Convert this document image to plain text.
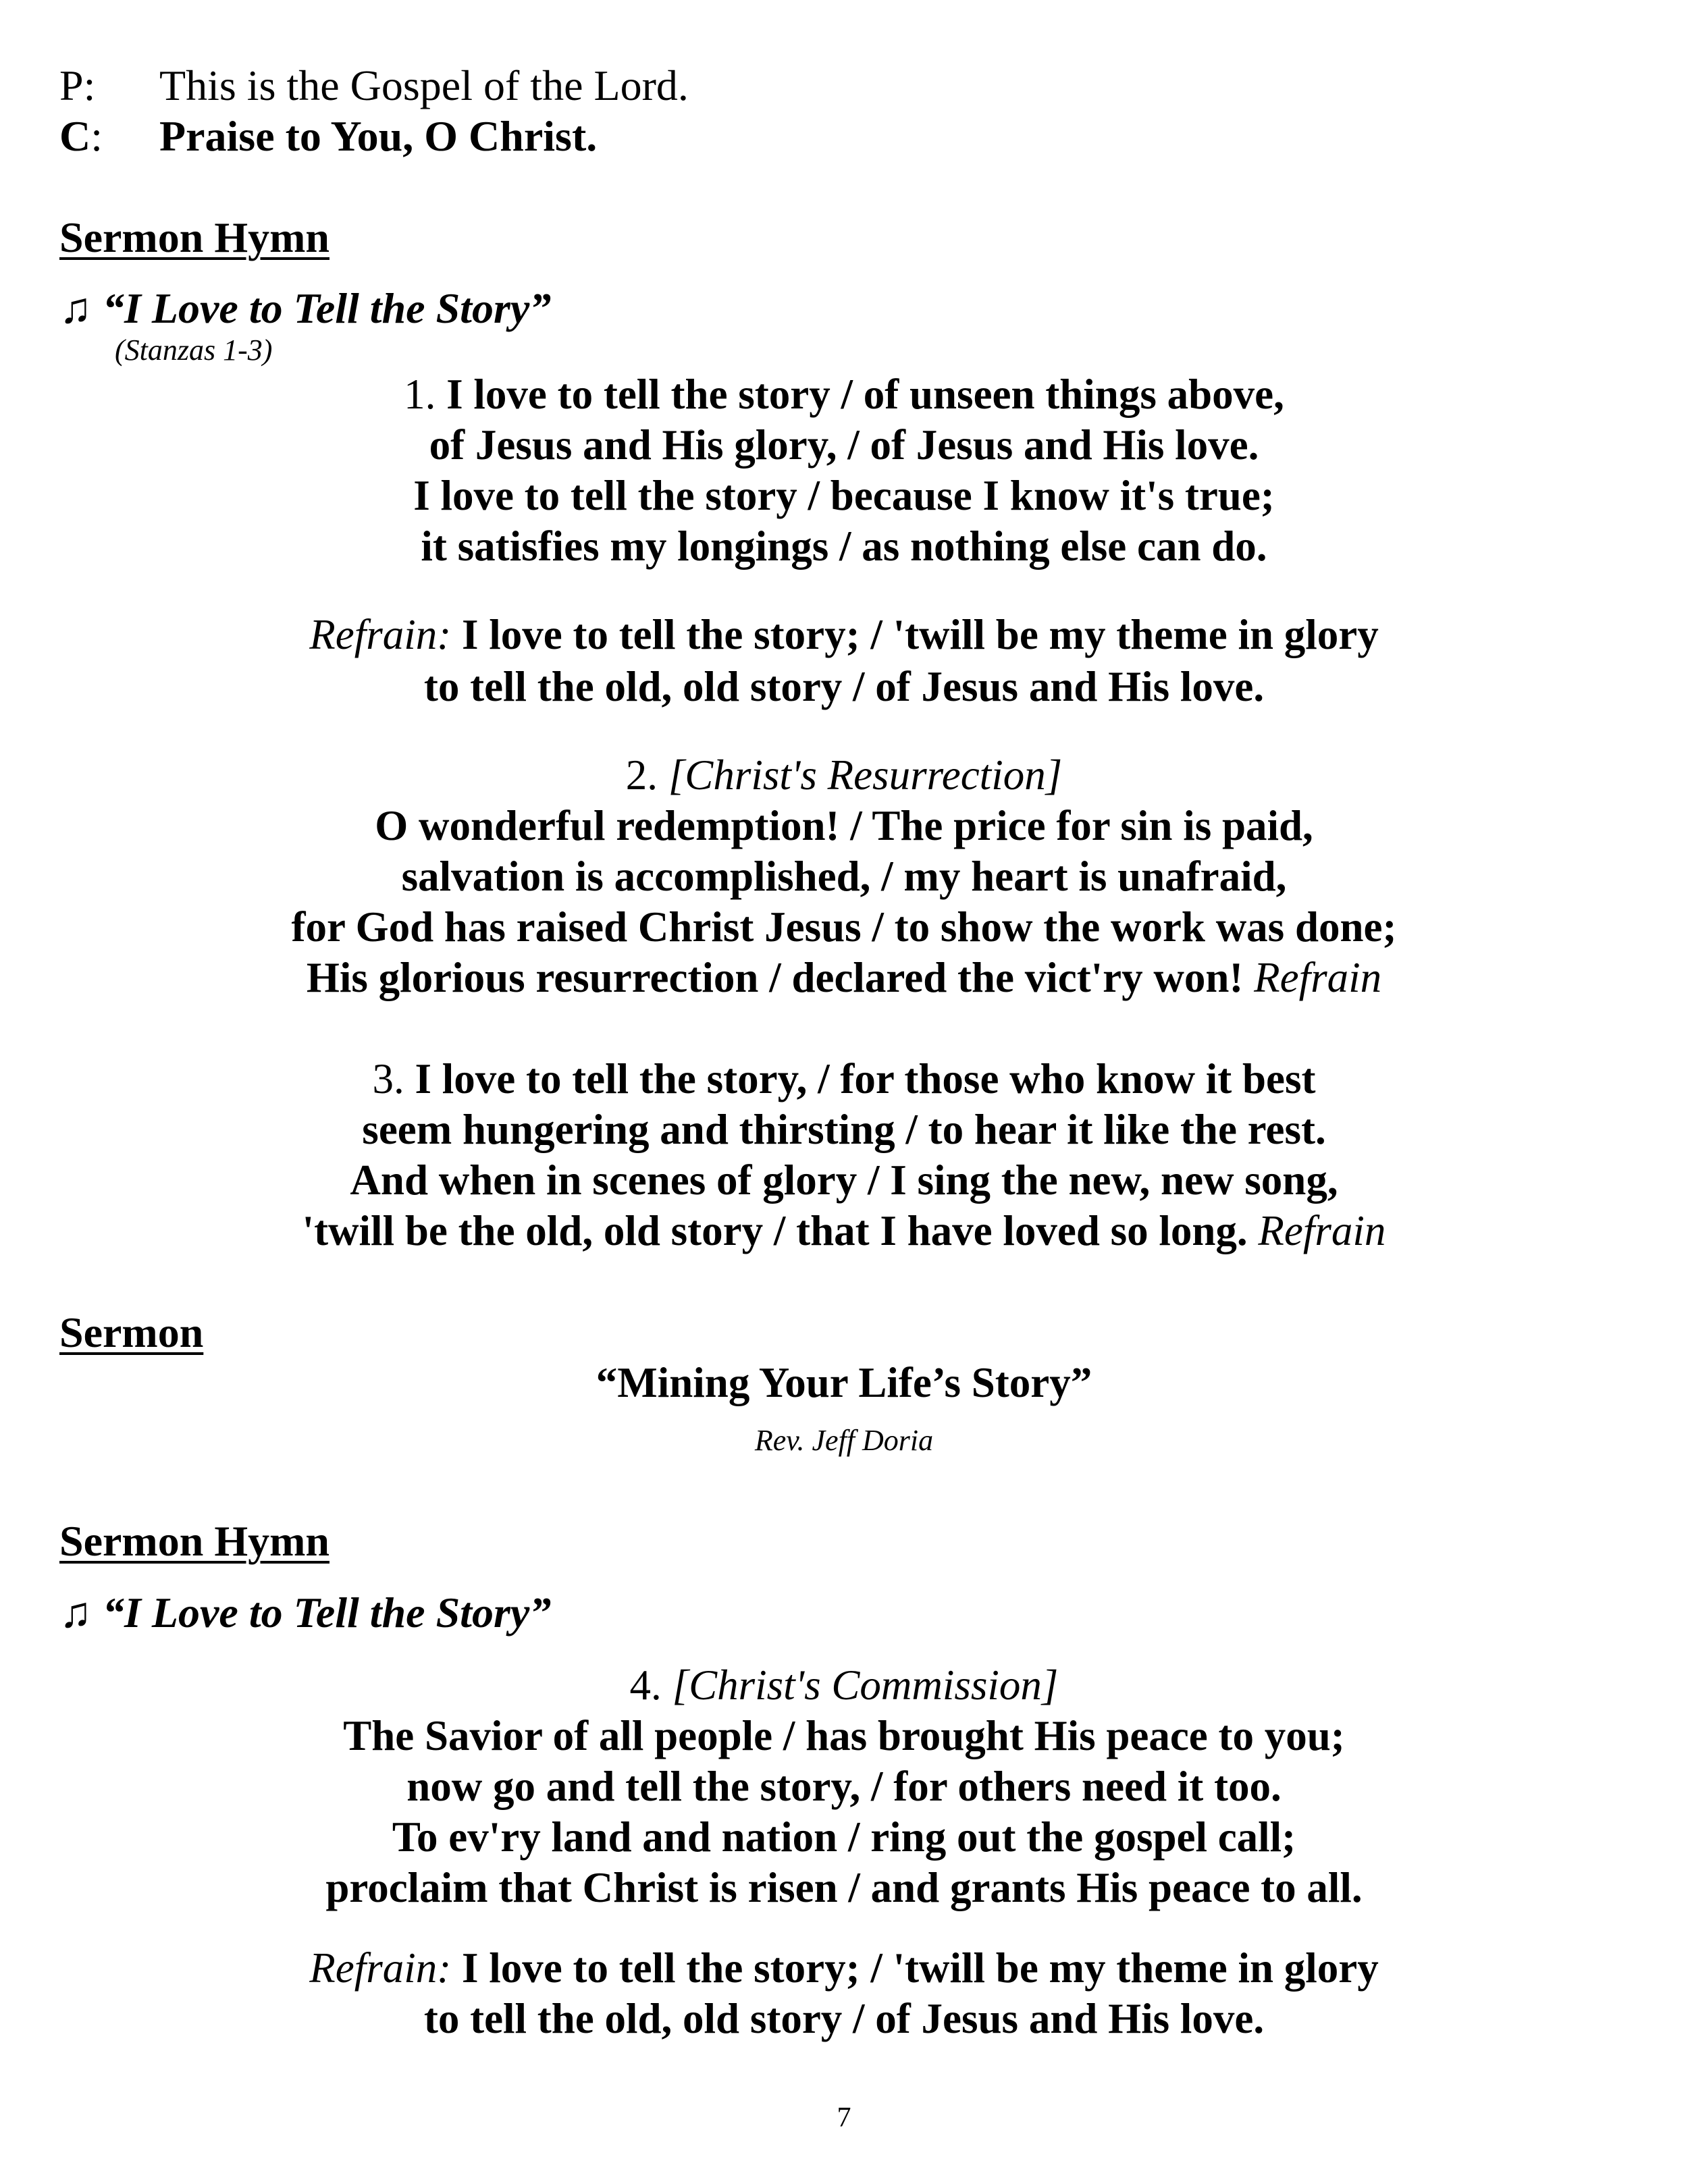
P: This is the Gospel of the Lord.
C: Praise to You, O Christ.
Sermon Hymn
♫ “I Love to Tell the Story”
(Stanzas 1-3)
1. I love to tell the story / of unseen things above,
of Jesus and His glory, / of Jesus and His love.
I love to tell the story / because I know it's true;
it satisfies my longings / as nothing else can do.
Refrain: I love to tell the story; / 'twill be my theme in glory
to tell the old, old story / of Jesus and His love.
2. [Christ's Resurrection]
O wonderful redemption! / The price for sin is paid,
salvation is accomplished, / my heart is unafraid,
for God has raised Christ Jesus / to show the work was done;
His glorious resurrection / declared the vict'ry won! Refrain
3. I love to tell the story, / for those who know it best
seem hungering and thirsting / to hear it like the rest.
And when in scenes of glory / I sing the new, new song,
'twill be the old, old story / that I have loved so long. Refrain
Sermon
“Mining Your Life’s Story”
Rev. Jeff Doria
Sermon Hymn
♫ “I Love to Tell the Story”
4. [Christ's Commission]
The Savior of all people / has brought His peace to you;
now go and tell the story, / for others need it too.
To ev'ry land and nation / ring out the gospel call;
proclaim that Christ is risen / and grants His peace to all.
Refrain: I love to tell the story; / 'twill be my theme in glory
to tell the old, old story / of Jesus and His love.
7
